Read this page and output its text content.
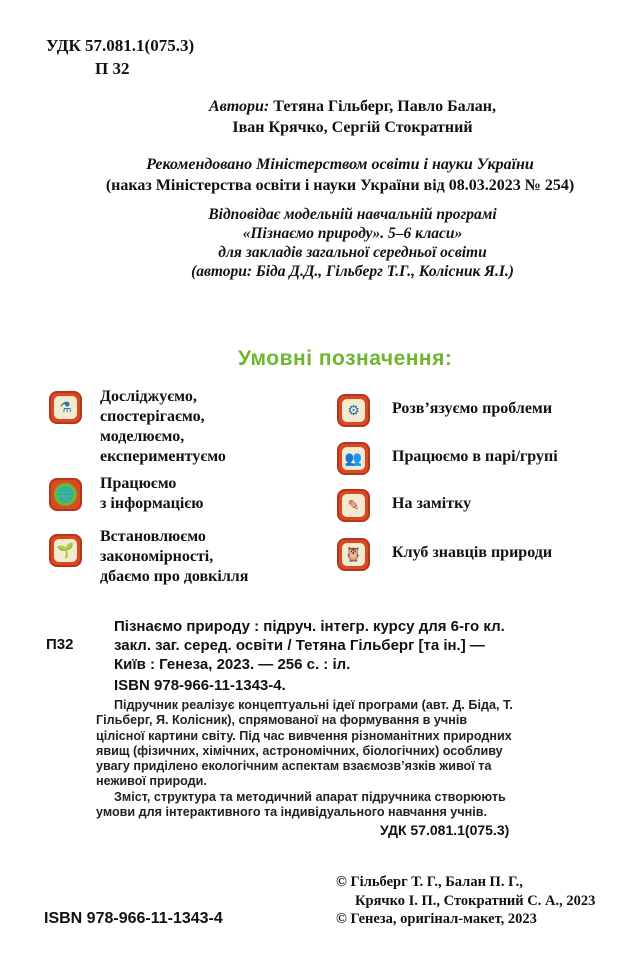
УДК 57.081.1(075.3)
П 32
Автори: Тетяна Гільберг, Павло Балан,
Іван Крячко, Сергій Стократний
Рекомендовано Міністерством освіти і науки України
(наказ Міністерства освіти і науки України від 08.03.2023 № 254)
Відповідає модельній навчальній програмі
«Пізнаємо природу». 5–6 класи»
для закладів загальної середньої освіти
(автори: Біда Д.Д., Гільберг Т.Г., Колісник Я.І.)
Умовні позначення:
⚗
Досліджуємо,
спостерігаємо,
моделюємо,
експериментуємо
🌐
Працюємо
з інформацією
🌱
Встановлюємо
закономірності,
дбаємо про довкілля
⚙	Розв’язуємо проблеми
👥 Працюємо в парі/групі
✎	На замітку
🦉 Клуб знавців природи
Пізнаємо природу : підруч. інтегр. курсу для 6-го кл.
П32	закл. заг. серед. освіти / Тетяна Гільберг [та ін.] —
Київ : Генеза, 2023. — 256 с. : іл.
ISBN 978-966-11-1343-4.

Підручник реалізує концептуальні ідеї програми (авт. Д. Біда, Т. Гільберг, Я. Колісник), спрямованої на формування в учнів цілісної картини світу. Під час вивчення різноманітних природних явищ (фізичних, хімічних, астрономічних, біологічних) особливу увагу приділено екологічним аспектам взаємозв’язків живої та неживої природи.

Зміст, структура та методичний апарат підручника створюють умови для інтерактивного та індивідуального навчання учнів.

УДК 57.081.1(075.3)
© Гільберг Т. Г., Балан П. Г.,
Крячко І. П., Стократний С. А., 2023
© Генеза, оригінал-макет, 2023
ISBN 978-966-11-1343-4
